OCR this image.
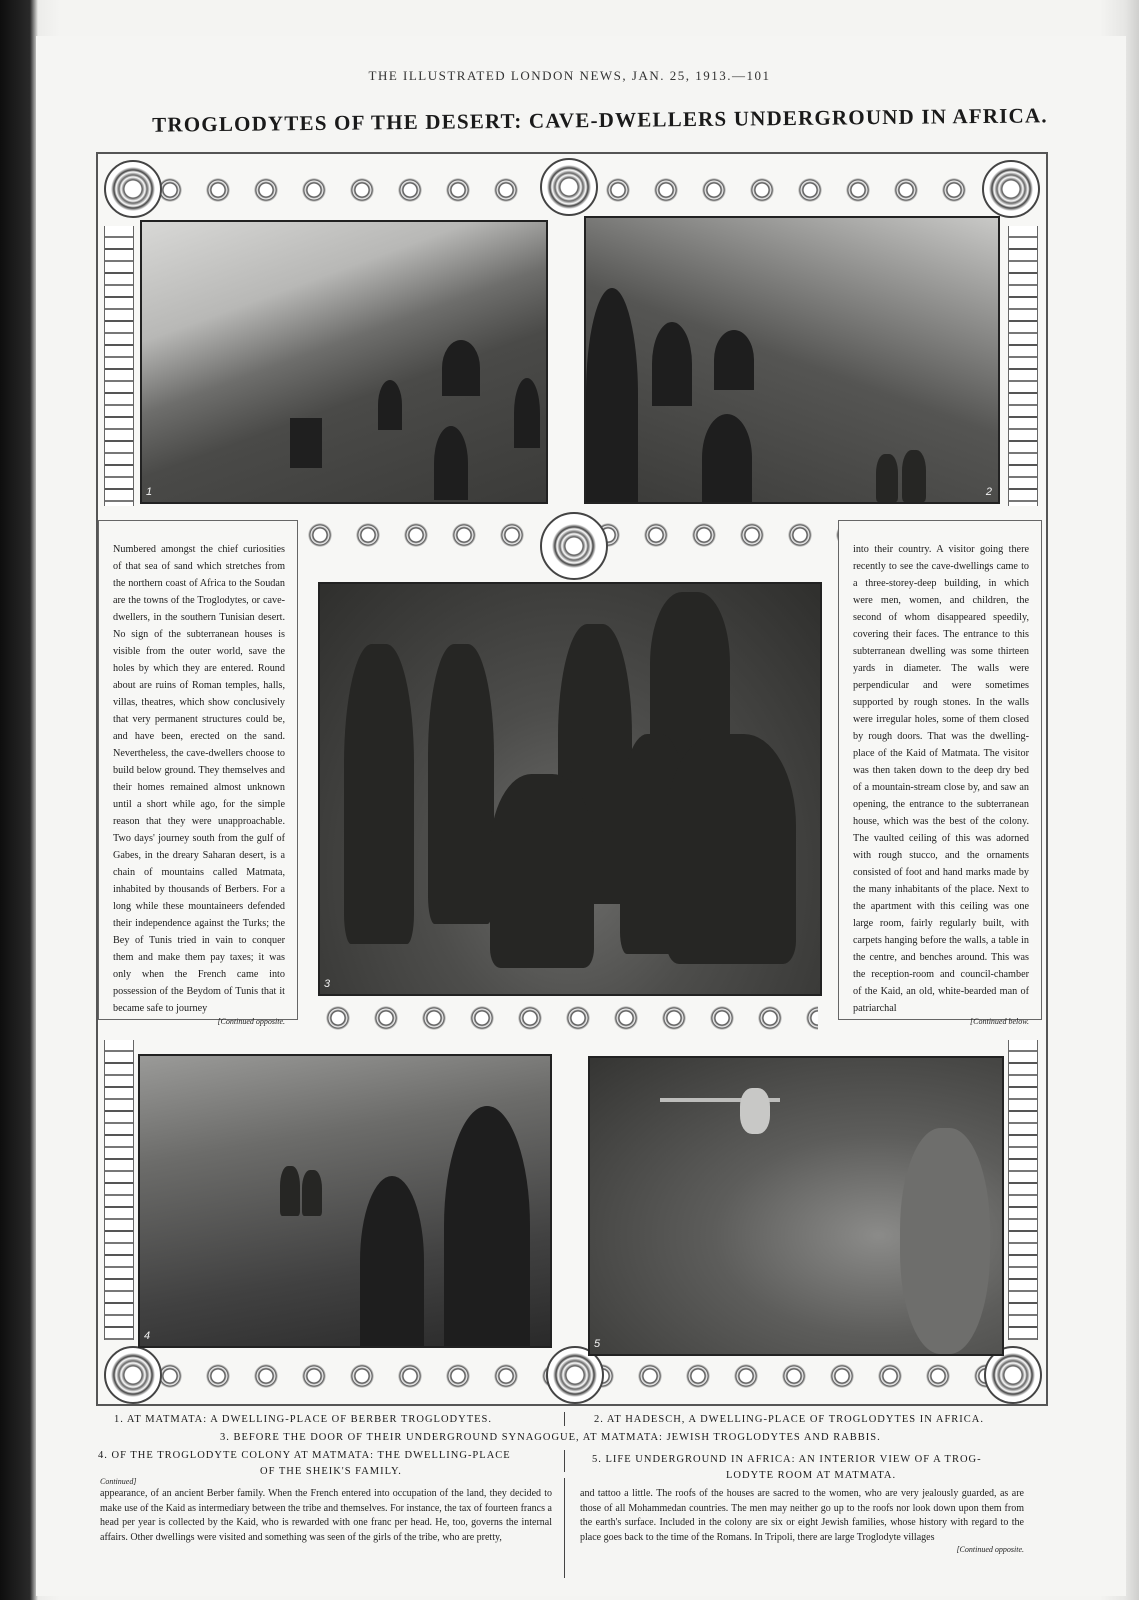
THE ILLUSTRATED LONDON NEWS, JAN. 25, 1913.—101
TROGLODYTES OF THE DESERT: CAVE-DWELLERS UNDERGROUND IN AFRICA.
1	2

Numbered amongst the chief curiosities of that sea of sand which stretches from the northern coast of Africa to the Soudan are the towns of the Troglodytes, or cave-dwellers, in the southern Tunisian desert. No sign of the subterranean houses is visible from the outer world, save the holes by which they are entered. Round about are ruins of Roman temples, halls, villas, theatres, which show conclusively that very permanent structures could be, and have been, erected on the sand. Nevertheless, the cave-dwellers choose to build below ground. They themselves and their homes remained almost unknown until a short while ago, for the simple reason that they were unapproachable. Two days' journey south from the gulf of Gabes, in the dreary Saharan desert, is a chain of mountains called Matmata, inhabited by thousands of Berbers. For a long while these mountaineers defended their independence against the Turks; the Bey of Tunis tried in vain to conquer them and make them pay taxes; it was only when the French came into possession of the Beydom of Tunis that it became safe to journey

[Continued opposite.
3

into their country. A visitor going there recently to see the cave-dwellings came to a three-storey-deep building, in which were men, women, and children, the second of whom disappeared speedily, covering their faces. The entrance to this subterranean dwelling was some thirteen yards in diameter. The walls were perpendicular and were sometimes supported by rough stones. In the walls were irregular holes, some of them closed by rough doors. That was the dwelling-place of the Kaid of Matmata. The visitor was then taken down to the deep dry bed of a mountain-stream close by, and saw an opening, the entrance to the subterranean house, which was the best of the colony. The vaulted ceiling of this was adorned with rough stucco, and the ornaments consisted of foot and hand marks made by the many inhabitants of the place. Next to the apartment with this ceiling was one large room, fairly regularly built, with carpets hanging before the walls, a table in the centre, and benches around. This was the reception-room and council-chamber of the Kaid, an old, white-bearded man of patriarchal

[Continued below.
4
5
1. AT MATMATA: A DWELLING-PLACE OF BERBER TROGLODYTES.	2. AT HADESCH, A DWELLING-PLACE OF TROGLODYTES IN AFRICA.
3. BEFORE THE DOOR OF THEIR UNDERGROUND SYNAGOGUE, AT MATMATA: JEWISH TROGLODYTES AND RABBIS.
4. OF THE TROGLODYTE COLONY AT MATMATA: THE DWELLING-PLACE
OF THE SHEIK'S FAMILY.
5. LIFE UNDERGROUND IN AFRICA: AN INTERIOR VIEW OF A TROG-
LODYTE ROOM AT MATMATA.
Continued]
appearance, of an ancient Berber family. When the French entered into occupation of the land, they decided to make use of the Kaid as intermediary between the tribe and themselves. For instance, the tax of fourteen francs a head per year is collected by the Kaid, who is rewarded with one franc per head. He, too, governs the internal affairs. Other dwellings were visited and something was seen of the girls of the tribe, who are pretty,
and tattoo a little. The roofs of the houses are sacred to the women, who are very jealously guarded, as are those of all Mohammedan countries. The men may neither go up to the roofs nor look down upon them from the earth's surface. Included in the colony are six or eight Jewish families, whose history with regard to the place goes back to the time of the Romans. In Tripoli, there are large Troglodyte villages
[Continued opposite.
